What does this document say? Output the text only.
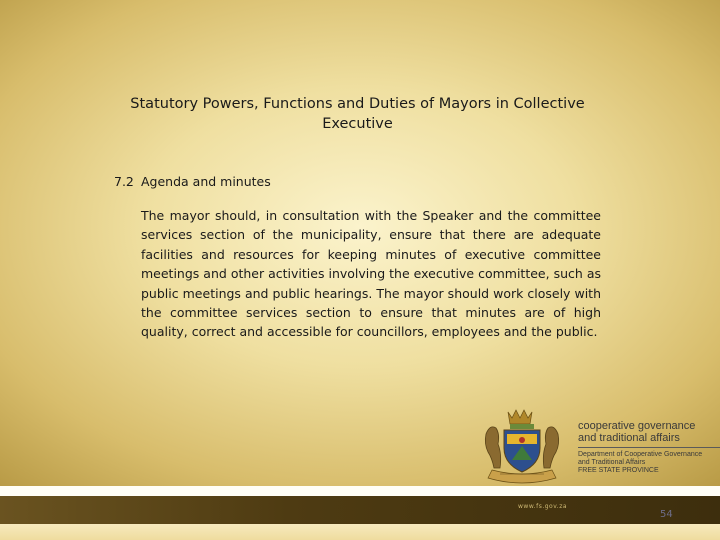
Statutory Powers, Functions and Duties of Mayors in Collective Executive
7.2 Agenda and minutes
The mayor should, in consultation with the Speaker and the committee services section of the municipality, ensure that there are adequate facilities and resources for keeping minutes of executive committee meetings and other activities involving the executive committee, such as public meetings and public hearings. The mayor should work closely with the committee services section to ensure that minutes are of high quality, correct and accessible for councillors, employees and the public.
cooperative governance
and traditional affairs
Department of Cooperative Governance
and Traditional Affairs
FREE STATE PROVINCE
www.fs.gov.za
54
